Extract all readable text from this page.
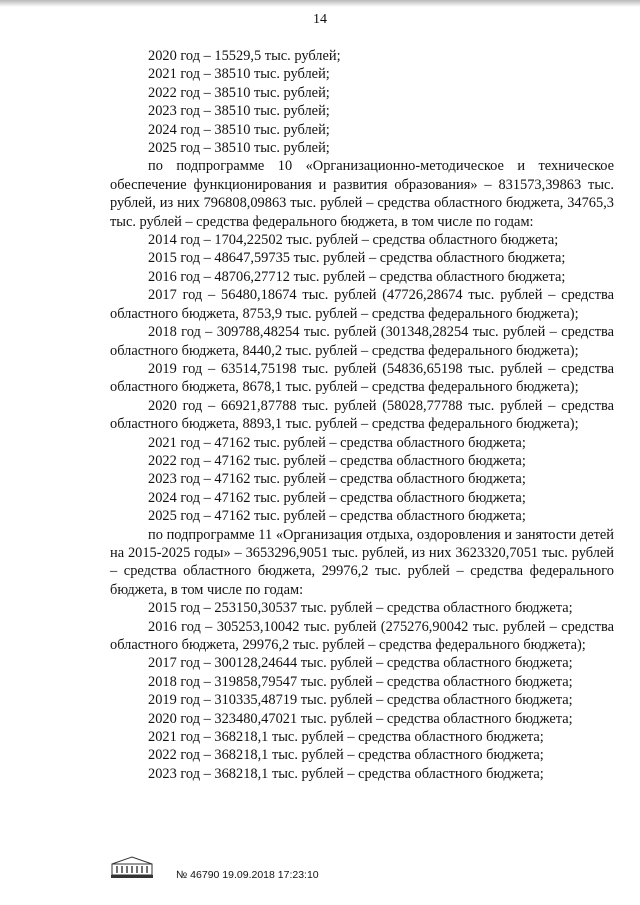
14

2020 год – 15529,5 тыс. рублей;

2021 год – 38510 тыс. рублей;

2022 год – 38510 тыс. рублей;

2023 год – 38510 тыс. рублей;

2024 год – 38510 тыс. рублей;

2025 год – 38510 тыс. рублей;

по подпрограмме 10 «Организационно-методическое и техническое обеспечение функционирования и развития образования» – 831573,39863 тыс. рублей, из них 796808,09863 тыс. рублей – средства областного бюджета, 34765,3 тыс. рублей – средства федерального бюджета, в том числе по годам:

2014 год – 1704,22502 тыс. рублей – средства областного бюджета;

2015 год – 48647,59735 тыс. рублей – средства областного бюджета;

2016 год – 48706,27712 тыс. рублей – средства областного бюджета;

2017 год – 56480,18674 тыс. рублей (47726,28674 тыс. рублей – средства областного бюджета, 8753,9 тыс. рублей – средства федерального бюджета);

2018 год – 309788,48254 тыс. рублей (301348,28254 тыс. рублей – средства областного бюджета, 8440,2 тыс. рублей – средства федерального бюджета);

2019 год – 63514,75198 тыс. рублей (54836,65198 тыс. рублей – средства областного бюджета, 8678,1 тыс. рублей – средства федерального бюджета);

2020 год – 66921,87788 тыс. рублей (58028,77788 тыс. рублей – средства областного бюджета, 8893,1 тыс. рублей – средства федерального бюджета);

2021 год – 47162 тыс. рублей – средства областного бюджета;

2022 год – 47162 тыс. рублей – средства областного бюджета;

2023 год – 47162 тыс. рублей – средства областного бюджета;

2024 год – 47162 тыс. рублей – средства областного бюджета;

2025 год – 47162 тыс. рублей – средства областного бюджета;

по подпрограмме 11 «Организация отдыха, оздоровления и занятости детей на 2015-2025 годы» – 3653296,9051 тыс. рублей, из них 3623320,7051 тыс. рублей – средства областного бюджета, 29976,2 тыс. рублей – средства федерального бюджета, в том числе по годам:

2015 год – 253150,30537 тыс. рублей – средства областного бюджета;

2016 год – 305253,10042 тыс. рублей (275276,90042 тыс. рублей – средства областного бюджета, 29976,2 тыс. рублей – средства федерального бюджета);

2017 год – 300128,24644 тыс. рублей – средства областного бюджета;

2018 год – 319858,79547 тыс. рублей – средства областного бюджета;

2019 год – 310335,48719 тыс. рублей – средства областного бюджета;

2020 год – 323480,47021 тыс. рублей – средства областного бюджета;

2021 год – 368218,1 тыс. рублей – средства областного бюджета;

2022 год – 368218,1 тыс. рублей – средства областного бюджета;

2023 год – 368218,1 тыс. рублей – средства областного бюджета;

№ 46790 19.09.2018 17:23:10
